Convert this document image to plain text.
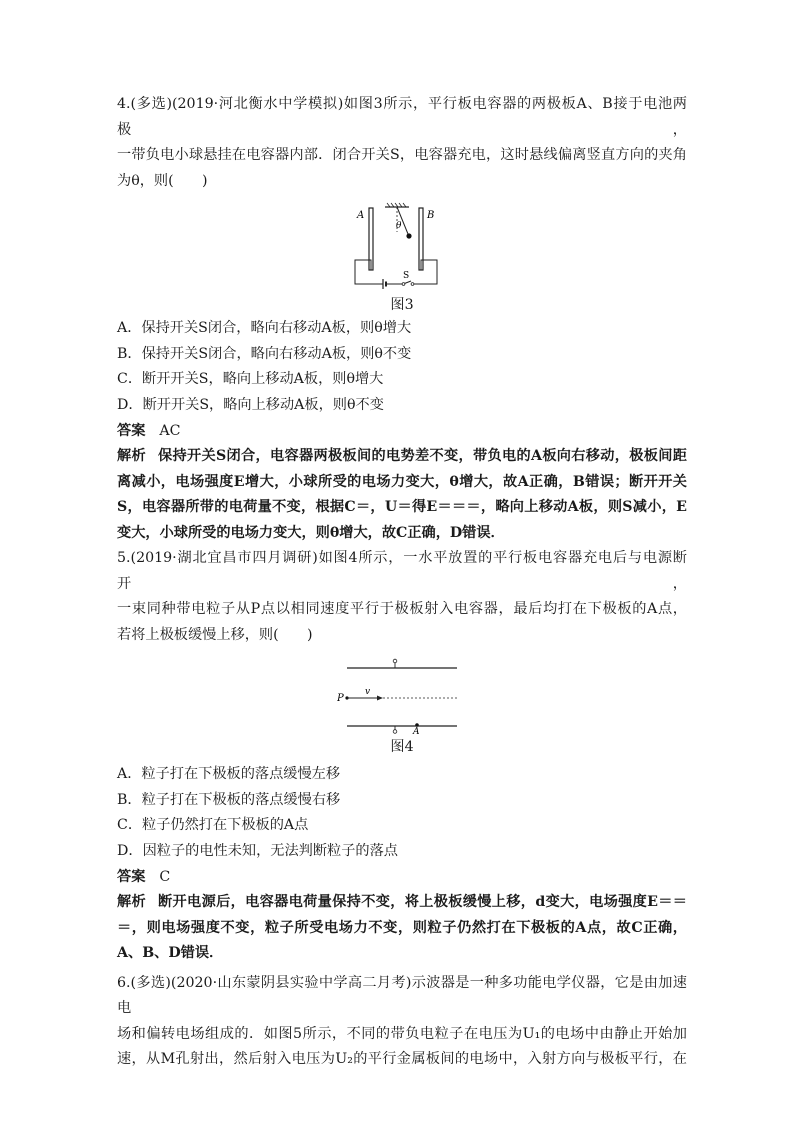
4.(多选)(2019·河北衡水中学模拟)如图3所示，平行板电容器的两极板A、B接于电池两极，

一带负电小球悬挂在电容器内部．闭合开关S，电容器充电，这时悬线偏离竖直方向的夹角

为θ，则(　　)

θ
A	B
S

图3

A．保持开关S闭合，略向右移动A板，则θ增大

B．保持开关S闭合，略向右移动A板，则θ不变

C．断开开关S，略向上移动A板，则θ增大

D．断开开关S，略向上移动A板，则θ不变

答案 AC

解析 保持开关S闭合，电容器两极板间的电势差不变，带负电的A板向右移动，极板间距

离减小，电场强度E增大，小球所受的电场力变大，θ增大，故A正确，B错误；断开开关

S，电容器所带的电荷量不变，根据C＝，U＝得E＝＝＝，略向上移动A板，则S减小，E

变大，小球所受的电场力变大，则θ增大，故C正确，D错误．

5.(2019·湖北宜昌市四月调研)如图4所示，一水平放置的平行板电容器充电后与电源断开，

一束同种带电粒子从P点以相同速度平行于极板射入电容器，最后均打在下极板的A点，

若将上极板缓慢上移，则(　　)

P
v
A

图4

A．粒子打在下极板的落点缓慢左移

B．粒子打在下极板的落点缓慢右移

C．粒子仍然打在下极板的A点

D．因粒子的电性未知，无法判断粒子的落点

答案 C

解析 断开电源后，电容器电荷量保持不变，将上极板缓慢上移，d变大，电场强度E＝＝

＝，则电场强度不变，粒子所受电场力不变，则粒子仍然打在下极板的A点，故C正确，

A、B、D错误．

6.(多选)(2020·山东蒙阴县实验中学高二月考)示波器是一种多功能电学仪器，它是由加速电

场和偏转电场组成的．如图5所示，不同的带负电粒子在电压为U₁的电场中由静止开始加

速，从M孔射出，然后射入电压为U₂的平行金属板间的电场中，入射方向与极板平行，在
